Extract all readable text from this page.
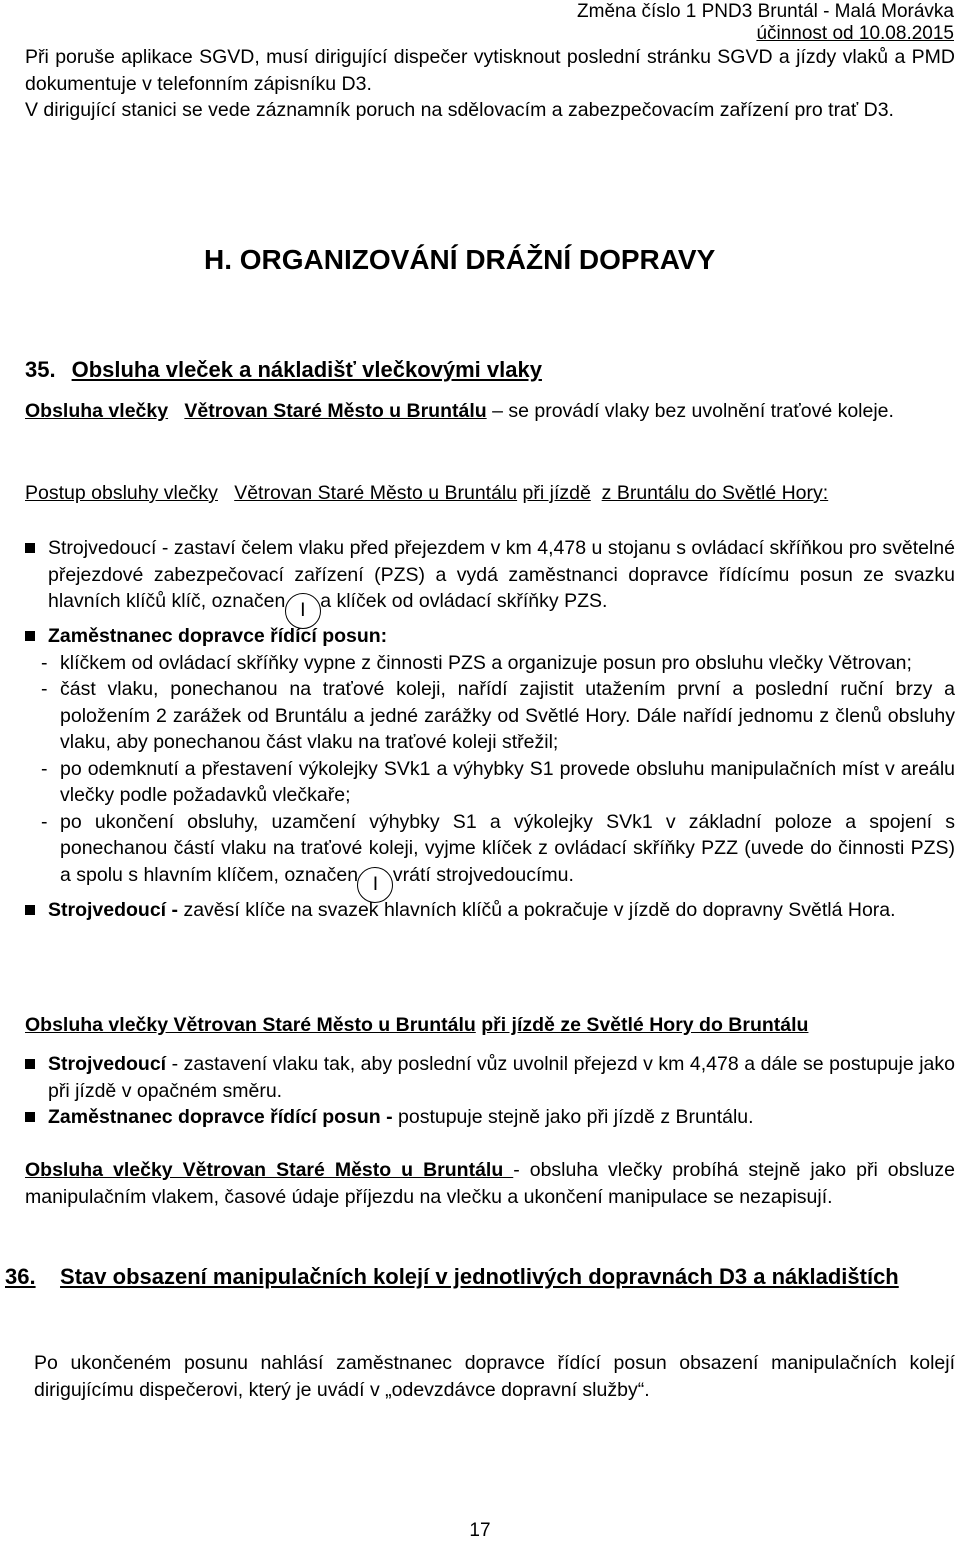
Změna číslo 1 PND3 Bruntál - Malá Morávka
účinnost od 10.08.2015
Při poruše aplikace SGVD, musí dirigující dispečer vytisknout poslední stránku SGVD a jízdy vlaků a PMD dokumentuje v telefonním zápisníku D3.
V dirigující stanici se vede záznamník poruch na sdělovacím a zabezpečovacím zařízení pro trať D3.
H. ORGANIZOVÁNÍ DRÁŽNÍ DOPRAVY
35. Obsluha vleček a nákladišť vlečkovými vlaky
Obsluha vlečky Větrovan Staré Město u Bruntálu – se provádí vlaky bez uvolnění traťové koleje.
Postup obsluhy vlečky Větrovan Staré Město u Bruntálu při jízdě z Bruntálu do Světlé Hory:
Strojvedoucí - zastaví čelem vlaku před přejezdem v km 4,478 u stojanu s ovládací skříňkou pro světelné přejezdové zabezpečovací zařízení (PZS) a vydá zaměstnanci dopravce řídícímu posun ze svazku hlavních klíčů klíč, označen I a klíček od ovládací skříňky PZS.
Zaměstnanec dopravce řídící posun:
- klíčkem od ovládací skříňky vypne z činnosti PZS a organizuje posun pro obsluhu vlečky Větrovan;
- část vlaku, ponechanou na traťové koleji, nařídí zajistit utažením první a poslední ruční brzy a položením 2 zarážek od Bruntálu a jedné zarážky od Světlé Hory. Dále nařídí jednomu z členů obsluhy vlaku, aby ponechanou část vlaku na traťové koleji střežil;
- po odemknutí a přestavení výkolejky SVk1 a výhybky S1 provede obsluhu manipulačních míst v areálu vlečky podle požadavků vlečkaře;
- po ukončení obsluhy, uzamčení výhybky S1 a výkolejky SVk1 v základní poloze a spojení s ponechanou částí vlaku na traťové koleji, vyjme klíček z ovládací skříňky PZZ (uvede do činnosti PZS) a spolu s hlavním klíčem, označen I vrátí strojvedoucímu.
Strojvedoucí - zavěsí klíče na svazek hlavních klíčů a pokračuje v jízdě do dopravny Světlá Hora.
Obsluha vlečky Větrovan Staré Město u Bruntálu při jízdě ze Světlé Hory do Bruntálu
Strojvedoucí - zastavení vlaku tak, aby poslední vůz uvolnil přejezd v km 4,478 a dále se postupuje jako při jízdě v opačném směru.
Zaměstnanec dopravce řídící posun - postupuje stejně jako při jízdě z Bruntálu.
Obsluha vlečky Větrovan Staré Město u Bruntálu - obsluha vlečky probíhá stejně jako při obsluze manipulačním vlakem, časové údaje příjezdu na vlečku a ukončení manipulace se nezapisují.
36. Stav obsazení manipulačních kolejí v jednotlivých dopravnách D3 a nákladištích
Po ukončeném posunu nahlásí zaměstnanec dopravce řídící posun obsazení manipulačních kolejí dirigujícímu dispečerovi, který je uvádí v „odevzdávce dopravní služby“.
17
